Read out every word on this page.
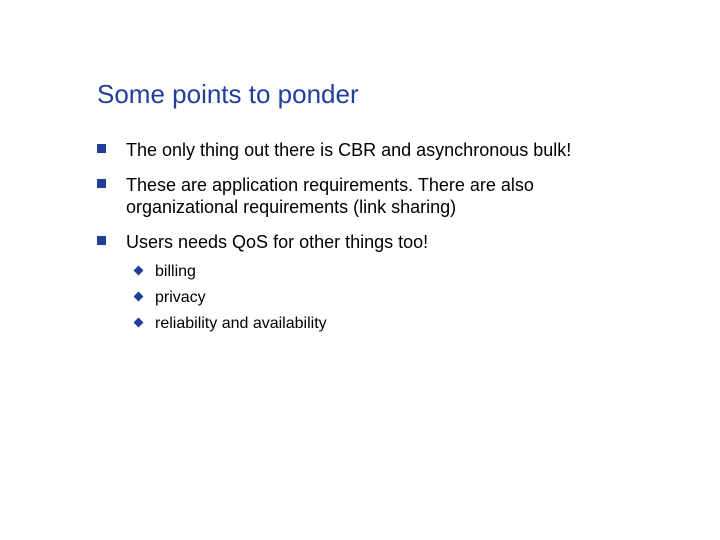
Some points to ponder
The only thing out there is CBR and asynchronous bulk!
These are application requirements. There are also organizational requirements (link sharing)
Users needs QoS for other things too!
billing
privacy
reliability and availability
